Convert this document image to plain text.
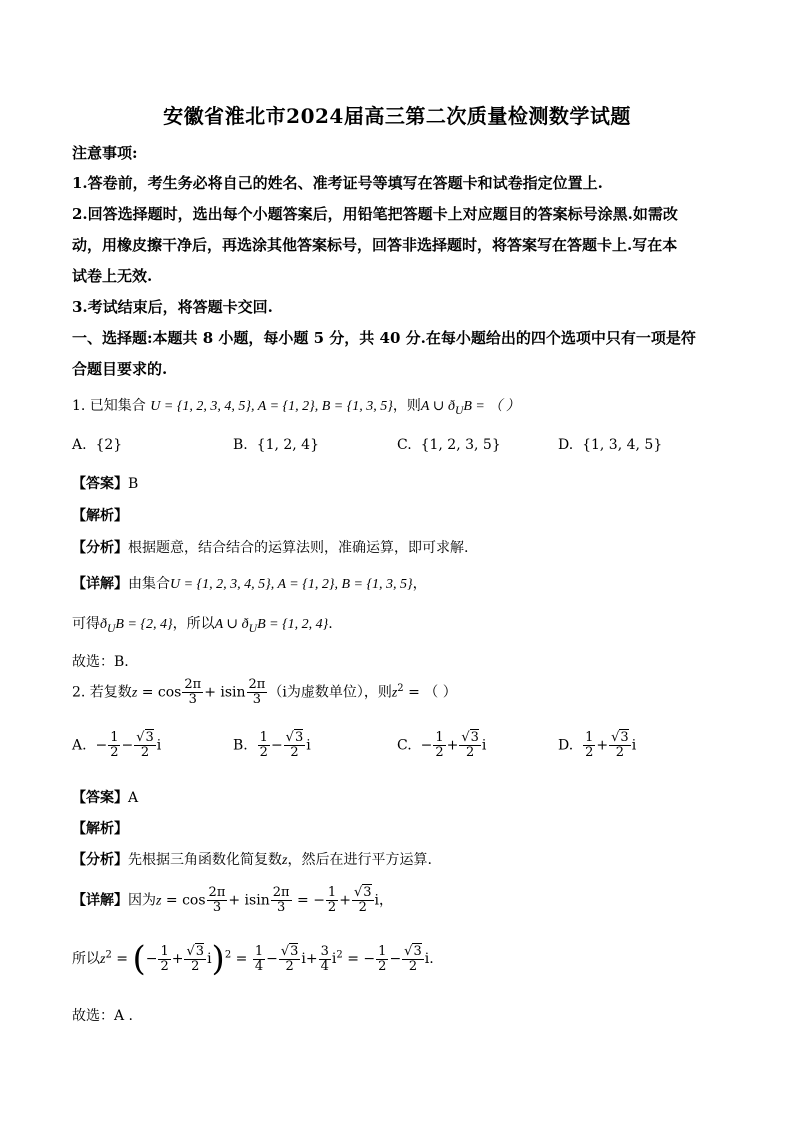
安徽省淮北市2024届高三第二次质量检测数学试题
注意事项:
1.答卷前，考生务必将自己的姓名、准考证号等填写在答题卡和试卷指定位置上.
2.回答选择题时，选出每个小题答案后，用铅笔把答题卡上对应题目的答案标号涂黑.如需改
动，用橡皮擦干净后，再选涂其他答案标号，回答非选择题时，将答案写在答题卡上.写在本
试卷上无效.
3.考试结束后，将答题卡交回.
一、选择题:本题共 8 小题，每小题 5 分，共 40 分.在每小题给出的四个选项中只有一项是符
合题目要求的.
1. 已知集合 U = {1, 2, 3, 4, 5}, A = {1, 2}, B = {1, 3, 5}，则A ∪ $ð_UB$ = （ ）
A. {2}	B. {1, 2, 4}	C. {1, 2, 3, 5}	D. {1, 3, 4, 5}
【答案】B
【解析】
【分析】根据题意，结合结合的运算法则，准确运算，即可求解.
【详解】由集合U = {1, 2, 3, 4, 5}, A = {1, 2}, B = {1, 3, 5}，
可得$ð_UB = \{2$, 4}，所以A ∪ $ð_UB = \{1$, 2, 4}.
故选：B.
2. 若复数$z = \cos \frac{2\pi}{3} + isin \frac{2\pi}{3} (i$为虚数单位），则$z^2$ = （ ）
A. − $\frac{1}{2} - \frac{√3}{2}$ i	B. $\frac{1}{2} - \frac{√3}{2}$ i	C. − $\frac{1}{2} + \frac{√3}{2}$ i	D. $\frac{1}{2} + \frac{√3}{2}$ i
【答案】A
【解析】
【分析】先根据三角函数化简复数z，然后在进行平方运算.
【详解】因为$z = \cos \frac{2\pi}{3} + isin \frac{2\pi}{3}$ = − $\frac{1}{2} + \frac{√3}{2}$ i，
所以$z^2$ = (− $\frac{1}{2} + \frac{√3}{2} i)^2 = \frac{1}{4} - \frac{√3}{2} i+ \frac{3}{4} i^2$ = − $\frac{1}{2} - \frac{√3}{2} i$.
故选：A .
